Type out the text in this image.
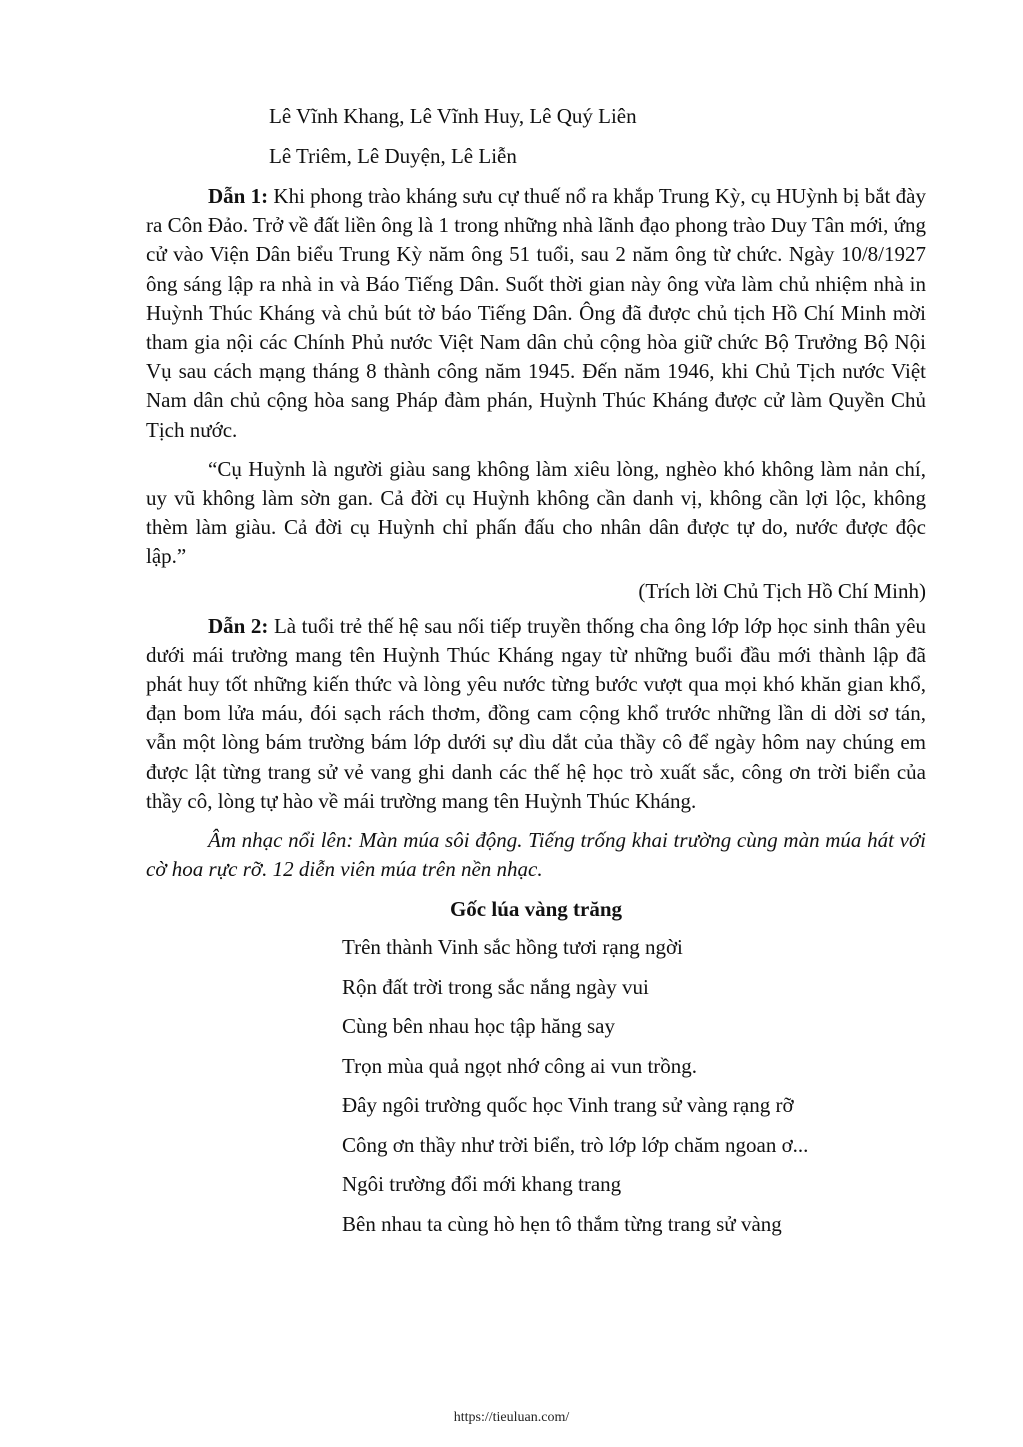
Lê Vĩnh Khang, Lê Vĩnh Huy, Lê Quý Liên
Lê Triêm, Lê Duyện, Lê Liễn

Dẫn 1: Khi phong trào kháng sưu cự thuế nổ ra khắp Trung Kỳ, cụ HUỳnh bị bắt đày ra Côn Đảo. Trở về đất liền ông là 1 trong những nhà lãnh đạo phong trào Duy Tân mới, ứng cử vào Viện Dân biểu Trung Kỳ năm ông 51 tuổi, sau 2 năm ông từ chức. Ngày 10/8/1927 ông sáng lập ra nhà in và Báo Tiếng Dân. Suốt thời gian này ông vừa làm chủ nhiệm nhà in Huỳnh Thúc Kháng và chủ bút tờ báo Tiếng Dân. Ông đã được chủ tịch Hồ Chí Minh mời tham gia nội các Chính Phủ nước Việt Nam dân chủ cộng hòa giữ chức Bộ Trưởng Bộ Nội Vụ sau cách mạng tháng 8 thành công năm 1945. Đến năm 1946, khi Chủ Tịch nước Việt Nam dân chủ cộng hòa sang Pháp đàm phán, Huỳnh Thúc Kháng được cử làm Quyền Chủ Tịch nước.

“Cụ Huỳnh là người giàu sang không làm xiêu lòng, nghèo khó không làm nản chí, uy vũ không làm sờn gan. Cả đời cụ Huỳnh không cần danh vị, không cần lợi lộc, không thèm làm giàu. Cả đời cụ Huỳnh chỉ phấn đấu cho nhân dân được tự do, nước được độc lập.”

(Trích lời Chủ Tịch Hồ Chí Minh)

Dẫn 2: Là tuổi trẻ thế hệ sau nối tiếp truyền thống cha ông lớp lớp học sinh thân yêu dưới mái trường mang tên Huỳnh Thúc Kháng ngay từ những buổi đầu mới thành lập đã phát huy tốt những kiến thức và lòng yêu nước từng bước vượt qua mọi khó khăn gian khổ, đạn bom lửa máu, đói sạch rách thơm, đồng cam cộng khổ trước những lần di dời sơ tán, vẫn một lòng bám trường bám lớp dưới sự dìu dắt của thầy cô để ngày hôm nay chúng em được lật từng trang sử vẻ vang ghi danh các thế hệ học trò xuất sắc, công ơn trời biển của thầy cô, lòng tự hào về mái trường mang tên Huỳnh Thúc Kháng.

Âm nhạc nổi lên: Màn múa sôi động. Tiếng trống khai trường cùng màn múa hát với cờ hoa rực rỡ. 12 diễn viên múa trên nền nhạc.

Gốc lúa vàng trăng
Trên thành Vinh sắc hồng tươi rạng ngời
Rộn đất trời trong sắc nắng ngày vui
Cùng bên nhau học tập hăng say
Trọn mùa quả ngọt nhớ công ai vun trồng.
Đây ngôi trường quốc học Vinh trang sử vàng rạng rỡ
Công ơn thầy như trời biển, trò lớp lớp chăm ngoan ơ...
Ngôi trường đổi mới khang trang
Bên nhau ta cùng hò hẹn tô thắm từng trang sử vàng
https://tieuluan.com/
